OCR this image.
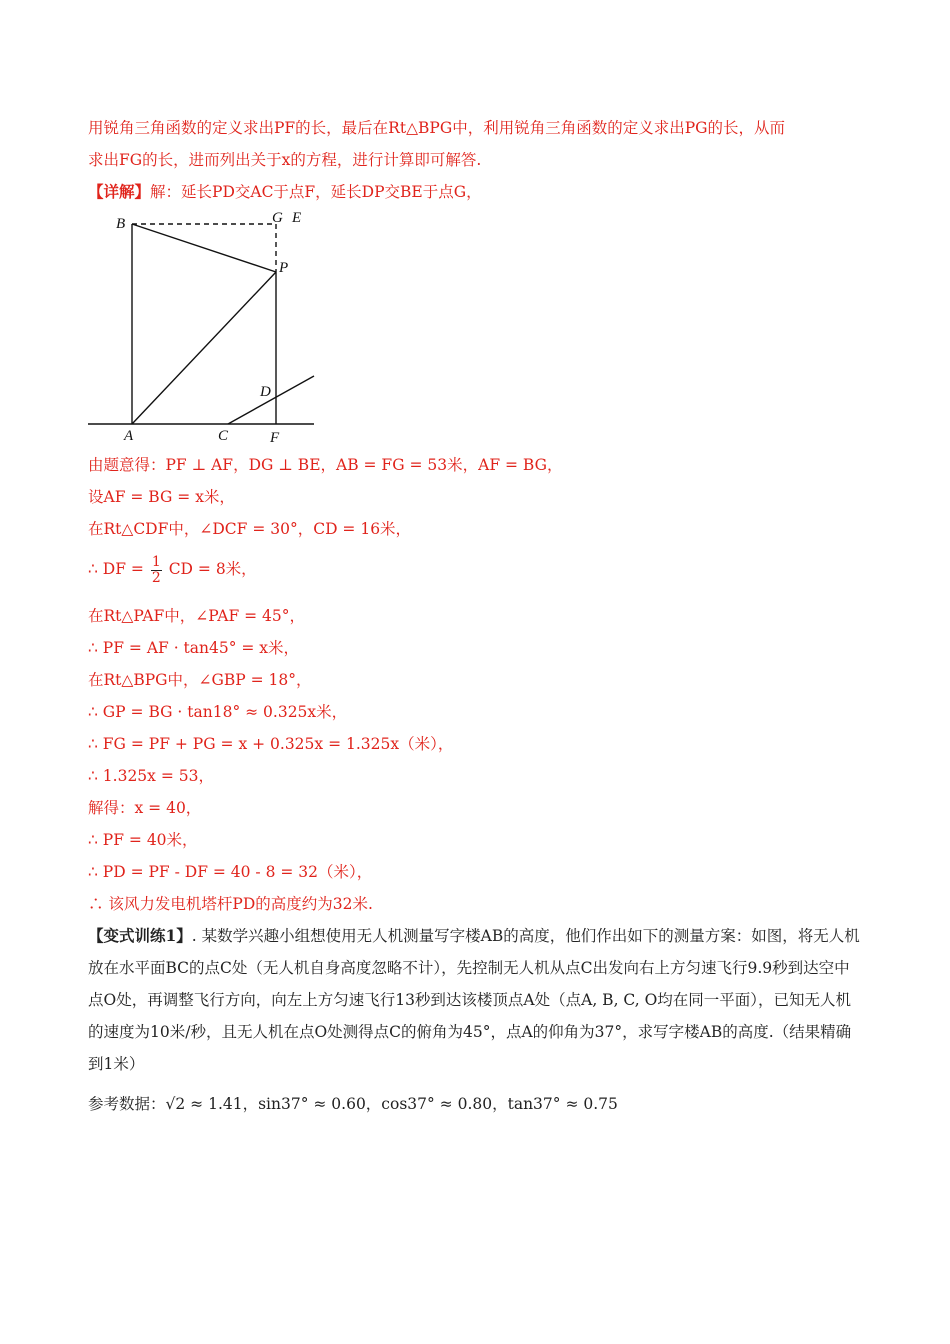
用锐角三角函数的定义求出PF的长，最后在Rt△BPG中，利用锐角三角函数的定义求出PG的长，从而
求出FG的长，进而列出关于x的方程，进行计算即可解答.
【详解】解：延长PD交AC于点F，延长DP交BE于点G，
B	G E
P
D
A	C	F
由题意得：PF ⊥ AF，DG ⊥ BE，AB = FG = 53米，AF = BG，
设AF = BG = x米，
在Rt△CDF中，∠DCF = 30°，CD = 16米，
∴ DF = $\frac{1}{2}$ CD = 8米，
在Rt△PAF中，∠PAF = 45°，
∴ PF = AF · tan45° = x米，
在Rt△BPG中，∠GBP = 18°，
∴ GP = BG · tan18° ≈ 0.325x米，
∴ FG = PF + PG = x + 0.325x = 1.325x（米），
∴ 1.325x = 53，
解得：x = 40，
∴ PF = 40米，
∴ PD = PF - DF = 40 - 8 = 32（米），
∴ 该风力发电机塔杆PD的高度约为32米.
【变式训练1】. 某数学兴趣小组想使用无人机测量写字楼AB的高度，他们作出如下的测量方案：如图，将无人机放在水平面BC的点C处（无人机自身高度忽略不计），先控制无人机从点C出发向右上方匀速飞行9.9秒到达空中点O处，再调整飞行方向，向左上方匀速飞行13秒到达该楼顶点A处（点A, B, C, O均在同一平面），已知无人机的速度为10米/秒，且无人机在点O处测得点C的俯角为45°，点A的仰角为37°，求写字楼AB的高度.（结果精确到1米）
参考数据：√2 ≈ 1.41，sin37° ≈ 0.60，cos37° ≈ 0.80，tan37° ≈ 0.75
